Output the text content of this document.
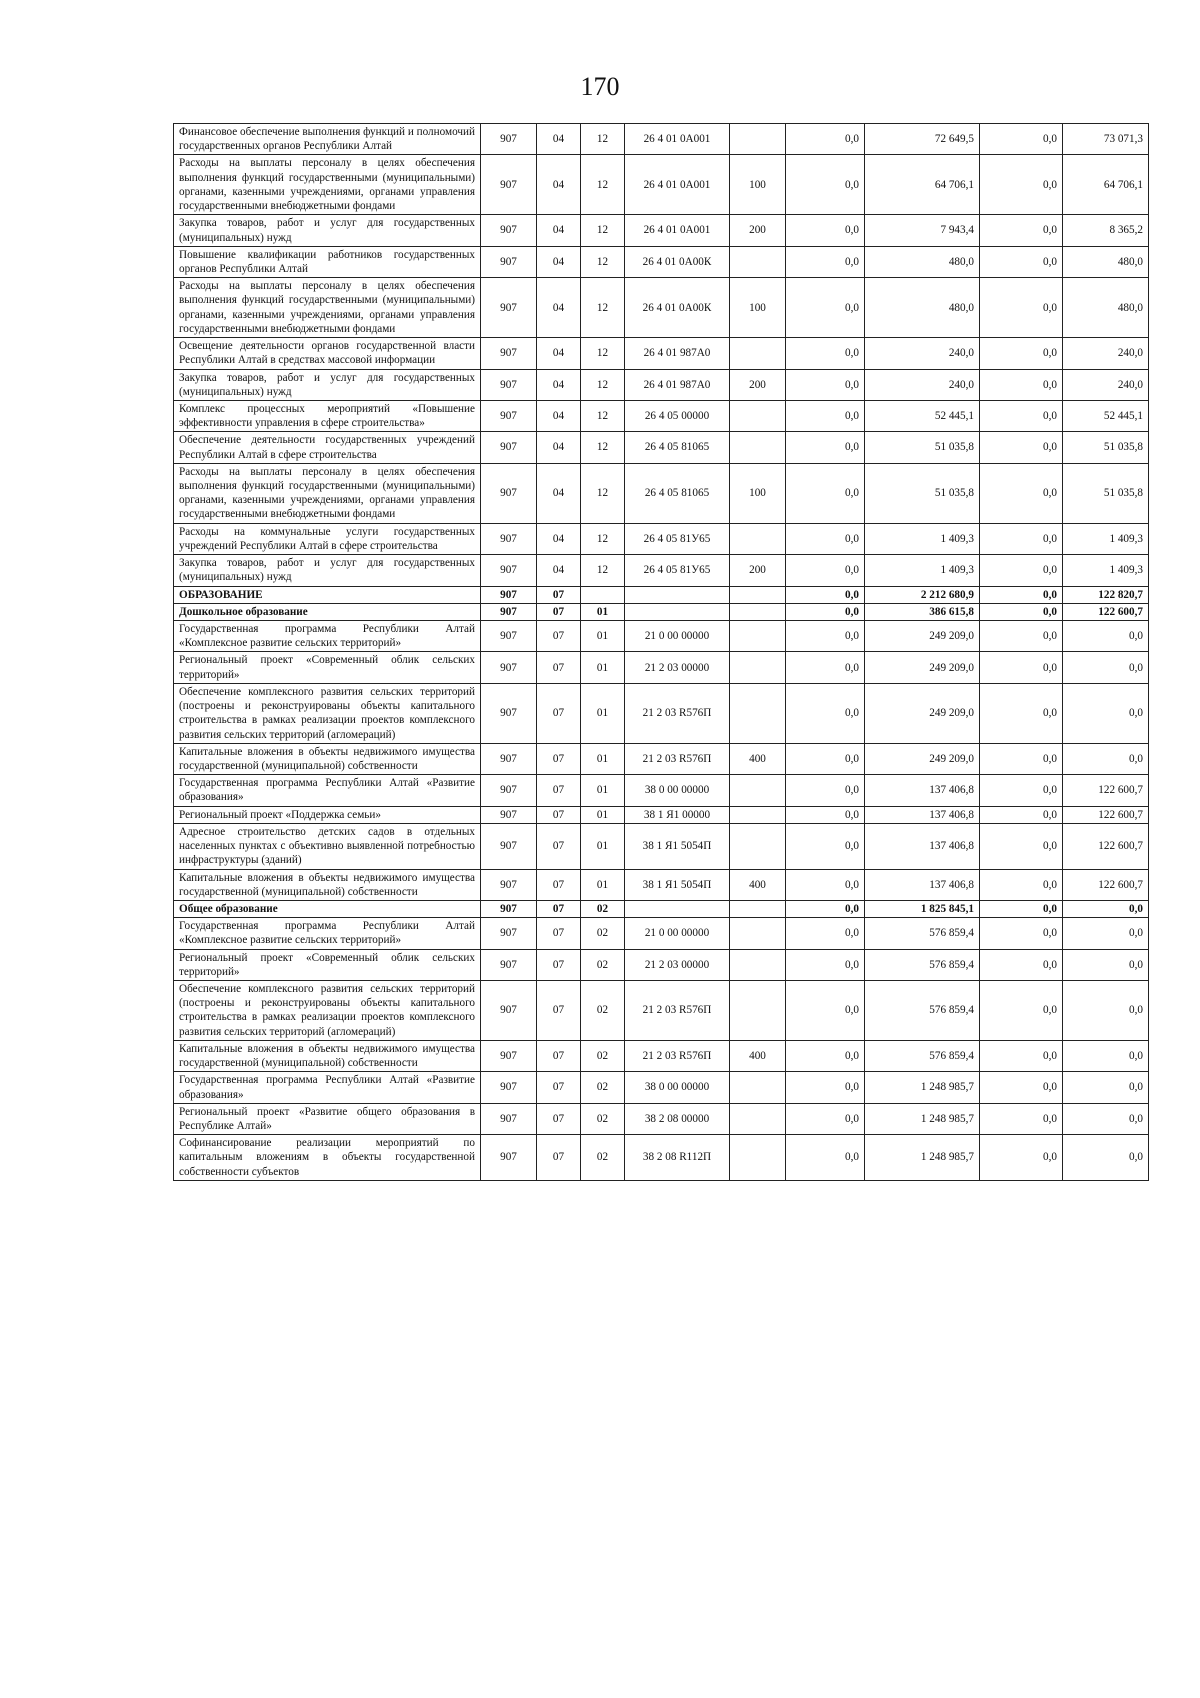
170
Финансовое обеспечение выполнения функций и полномочий государственных органов Республики Алтай	907	04	12	26 4 01 0А001		0,0	72 649,5	0,0	73 071,3
Расходы на выплаты персоналу в целях обеспечения выполнения функций государственными (муниципальными) органами, казенными учреждениями, органами управления государственными внебюджетными фондами	907	04	12	26 4 01 0А001	100	0,0	64 706,1	0,0	64 706,1
Закупка товаров, работ и услуг для государственных (муниципальных) нужд	907	04	12	26 4 01 0А001	200	0,0	7 943,4	0,0	8 365,2
Повышение квалификации работников государственных органов Республики Алтай	907	04	12	26 4 01 0А00К		0,0	480,0	0,0	480,0
Расходы на выплаты персоналу в целях обеспечения выполнения функций государственными (муниципальными) органами, казенными учреждениями, органами управления государственными внебюджетными фондами	907	04	12	26 4 01 0А00К	100	0,0	480,0	0,0	480,0
Освещение деятельности органов государственной власти Республики Алтай в средствах массовой информации	907	04	12	26 4 01 987А0		0,0	240,0	0,0	240,0
Закупка товаров, работ и услуг для государственных (муниципальных) нужд	907	04	12	26 4 01 987А0	200	0,0	240,0	0,0	240,0
Комплекс процессных мероприятий «Повышение эффективности управления в сфере строительства»	907	04	12	26 4 05 00000		0,0	52 445,1	0,0	52 445,1
Обеспечение деятельности государственных учреждений Республики Алтай в сфере строительства	907	04	12	26 4 05 81065		0,0	51 035,8	0,0	51 035,8
Расходы на выплаты персоналу в целях обеспечения выполнения функций государственными (муниципальными) органами, казенными учреждениями, органами управления государственными внебюджетными фондами	907	04	12	26 4 05 81065	100	0,0	51 035,8	0,0	51 035,8
Расходы на коммунальные услуги государственных учреждений Республики Алтай в сфере строительства	907	04	12	26 4 05 81У65		0,0	1 409,3	0,0	1 409,3
Закупка товаров, работ и услуг для государственных (муниципальных) нужд	907	04	12	26 4 05 81У65	200	0,0	1 409,3	0,0	1 409,3
ОБРАЗОВАНИЕ	907	07				0,0	2 212 680,9	0,0	122 820,7
Дошкольное образование	907	07	01			0,0	386 615,8	0,0	122 600,7
Государственная программа Республики Алтай «Комплексное развитие сельских территорий»	907	07	01	21 0 00 00000		0,0	249 209,0	0,0	0,0
Региональный проект «Современный облик сельских территорий»	907	07	01	21 2 03 00000		0,0	249 209,0	0,0	0,0
Обеспечение комплексного развития сельских территорий (построены и реконструированы объекты капитального строительства в рамках реализации проектов комплексного развития сельских территорий (агломераций)	907	07	01	21 2 03 R576П		0,0	249 209,0	0,0	0,0
Капитальные вложения в объекты недвижимого имущества государственной (муниципальной) собственности	907	07	01	21 2 03 R576П	400	0,0	249 209,0	0,0	0,0
Государственная программа Республики Алтай «Развитие образования»	907	07	01	38 0 00 00000		0,0	137 406,8	0,0	122 600,7
Региональный проект «Поддержка семьи»	907	07	01	38 1 Я1 00000		0,0	137 406,8	0,0	122 600,7
Адресное строительство детских садов в отдельных населенных пунктах с объективно выявленной потребностью инфраструктуры (зданий)	907	07	01	38 1 Я1 5054П		0,0	137 406,8	0,0	122 600,7
Капитальные вложения в объекты недвижимого имущества государственной (муниципальной) собственности	907	07	01	38 1 Я1 5054П	400	0,0	137 406,8	0,0	122 600,7
Общее образование	907	07	02			0,0	1 825 845,1	0,0	0,0
Государственная программа Республики Алтай «Комплексное развитие сельских территорий»	907	07	02	21 0 00 00000		0,0	576 859,4	0,0	0,0
Региональный проект «Современный облик сельских территорий»	907	07	02	21 2 03 00000		0,0	576 859,4	0,0	0,0
Обеспечение комплексного развития сельских территорий (построены и реконструированы объекты капитального строительства в рамках реализации проектов комплексного развития сельских территорий (агломераций)	907	07	02	21 2 03 R576П		0,0	576 859,4	0,0	0,0
Капитальные вложения в объекты недвижимого имущества государственной (муниципальной) собственности	907	07	02	21 2 03 R576П	400	0,0	576 859,4	0,0	0,0
Государственная программа Республики Алтай «Развитие образования»	907	07	02	38 0 00 00000		0,0	1 248 985,7	0,0	0,0
Региональный проект «Развитие общего образования в Республике Алтай»	907	07	02	38 2 08 00000		0,0	1 248 985,7	0,0	0,0
Софинансирование реализации мероприятий по капитальным вложениям в объекты государственной собственности субъектов	907	07	02	38 2 08 R112П		0,0	1 248 985,7	0,0	0,0
